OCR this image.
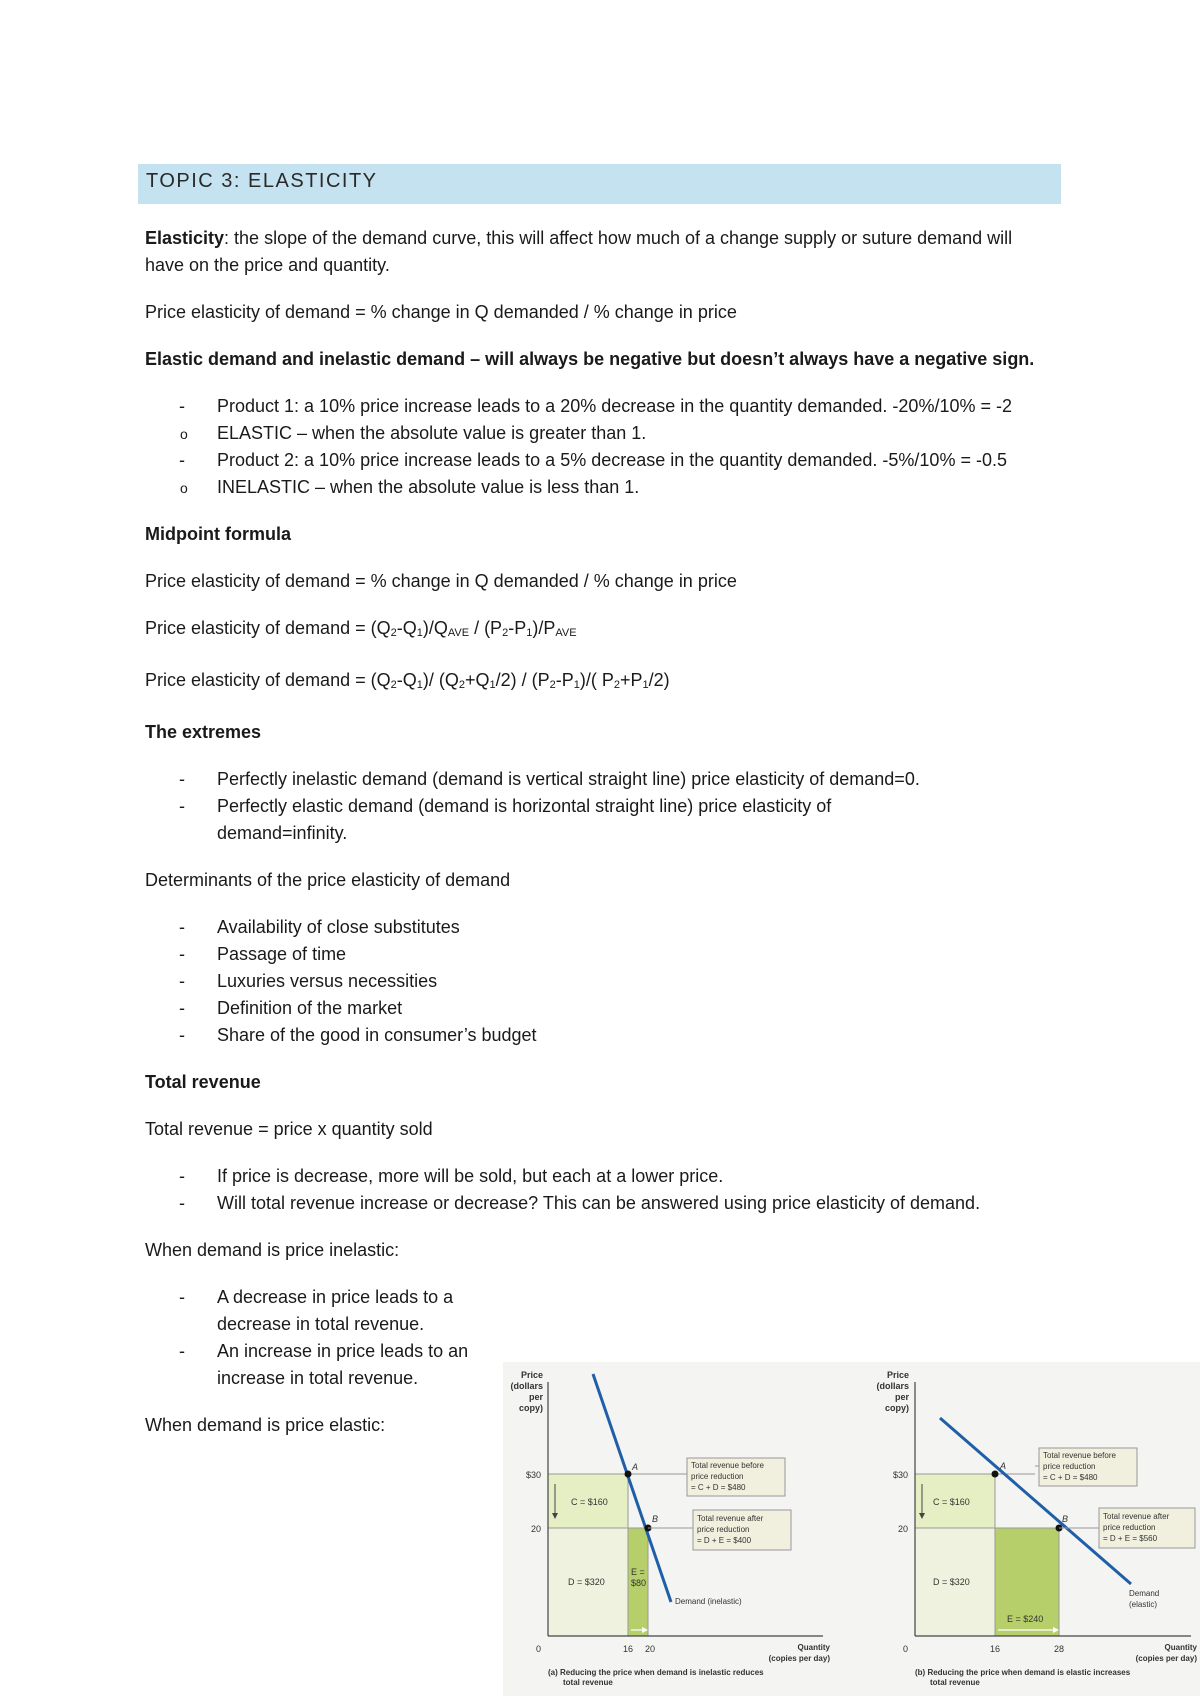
TOPIC 3: ELASTICITY

Elasticity: the slope of the demand curve, this will affect how much of a change supply or suture demand will have on the price and quantity.

Price elasticity of demand = % change in Q demanded / % change in price

Elastic demand and inelastic demand – will always be negative but doesn’t always have a negative sign.

- Product 1: a 10% price increase leads to a 20% decrease in the quantity demanded. -20%/10% = -2
o ELASTIC – when the absolute value is greater than 1.
- Product 2: a 10% price increase leads to a 5% decrease in the quantity demanded. -5%/10% = -0.5
o INELASTIC – when the absolute value is less than 1.

Midpoint formula

Price elasticity of demand = % change in Q demanded / % change in price

Price elasticity of demand = $(Q_2-Q_1)/Q_{AVE} / (P_2-P_1)/P_{AVE}$

Price elasticity of demand = $(Q_2-Q_1)/$ $(Q_2+Q_1/2) / (P_2-P_1)/$( $P_2+P_1/2$)

The extremes

- Perfectly inelastic demand (demand is vertical straight line) price elasticity of demand=0.
- Perfectly elastic demand (demand is horizontal straight line) price elasticity of demand=infinity.

Determinants of the price elasticity of demand

- Availability of close substitutes
- Passage of time
- Luxuries versus necessities
- Definition of the market
- Share of the good in consumer’s budget

Total revenue

Total revenue = price x quantity sold

- If price is decrease, more will be sold, but each at a lower price.
- Will total revenue increase or decrease? This can be answered using price elasticity of demand.

When demand is price inelastic:

- A decrease in price leads to a decrease in total revenue.
- An increase in price leads to an increase in total revenue.

When demand is price elastic:

Price
(dollars
per
copy)
A
B
$30
20
0	16 20
C = $160
D = $320
E =
$80
Total revenue before
price reduction
= C + D = $480
Total revenue after
price reduction
= D + E = $400
Demand (inelastic)
Quantity
(copies per day)
(a) Reducing the price when demand is inelastic reduces
total revenue
Price
(dollars
per
copy)
A
B
$30
20
0	16	28
C = $160
D = $320
E = $240
Total revenue before
price reduction
= C + D = $480
Total revenue after
price reduction
= D + E = $560
Demand
(elastic)
Quantity
(copies per day)
(b) Reducing the price when demand is elastic increases
total revenue
